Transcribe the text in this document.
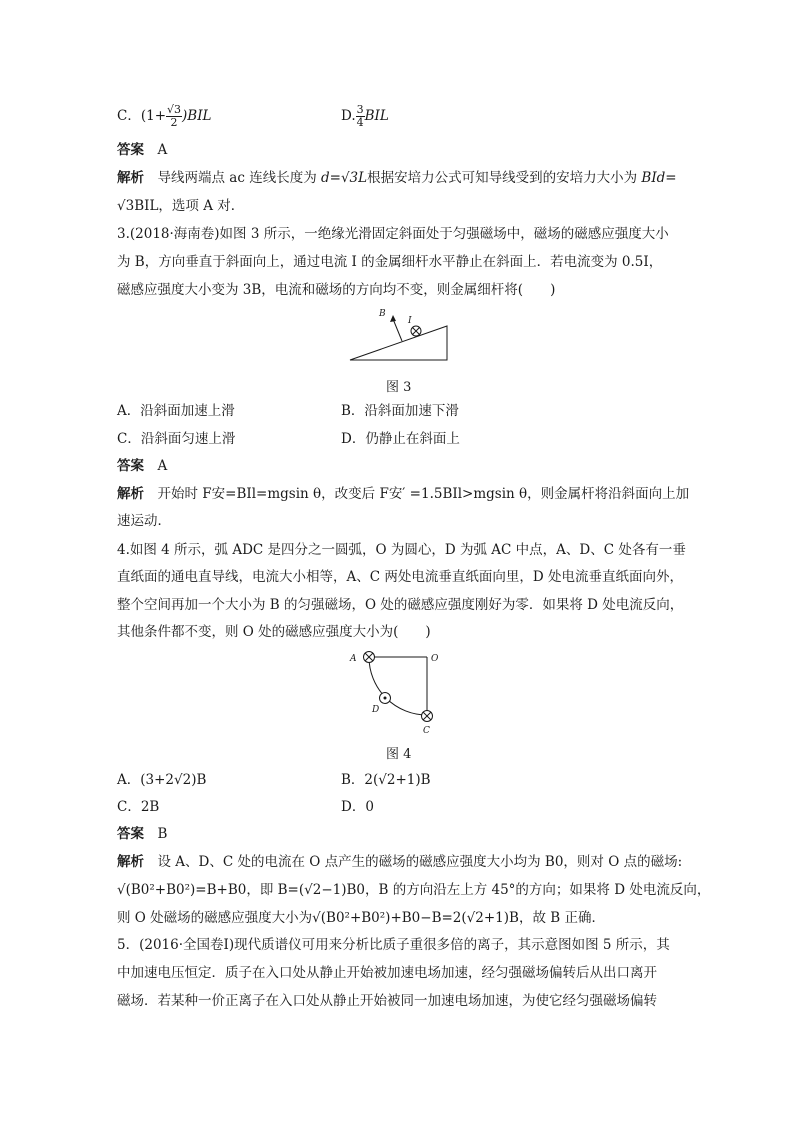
C．$(1+ \frac{√3}{2} )BIL$	D. $\frac{3}{4}$ BIL
答案　 A
解析　 导线两端点 ac 连线长度为 d=√3L根据安培力公式可知导线受到的安培力大小为 BId=
√3BIL，选项 A 对．
3.(2018·海南卷)如图 3 所示，一绝缘光滑固定斜面处于匀强磁场中，磁场的磁感应强度大小
为 B，方向垂直于斜面向上，通过电流 I 的金属细杆水平静止在斜面上．若电流变为 0.5I，
磁感应强度大小变为 3B，电流和磁场的方向均不变，则金属细杆将(　　)
B
I
图 3
A．沿斜面加速上滑	B．沿斜面加速下滑
C．沿斜面匀速上滑	D．仍静止在斜面上
答案　 A
解析　 开始时 F安=BIl=mgsin θ，改变后 F安′ =1.5BIl>mgsin θ，则金属杆将沿斜面向上加
速运动．
4.如图 4 所示，弧 ADC 是四分之一圆弧，O 为圆心，D 为弧 AC 中点，A、D、C 处各有一垂
直纸面的通电直导线，电流大小相等，A、C 两处电流垂直纸面向里，D 处电流垂直纸面向外，
整个空间再加一个大小为 B 的匀强磁场，O 处的磁感应强度刚好为零．如果将 D 处电流反向，
其他条件都不变，则 O 处的磁感应强度大小为(　　)
A	O
D
C
图 4
A．(3+2√2)B	B．2(√2+1)B
C．2B	D．0
答案　 B
解析　 设 A、D、C 处的电流在 O 点产生的磁场的磁感应强度大小均为 B0，则对 O 点的磁场:
√(B0²+B0²)=B+B0，即 B=(√2−1)B0，B 的方向沿左上方 45°的方向；如果将 D 处电流反向，
则 O 处磁场的磁感应强度大小为√(B0²+B0²)+B0−B=2(√2+1)B，故 B 正确．
5．(2016·全国卷Ⅰ)现代质谱仪可用来分析比质子重很多倍的离子，其示意图如图 5 所示，其
中加速电压恒定．质子在入口处从静止开始被加速电场加速，经匀强磁场偏转后从出口离开
磁场．若某种一价正离子在入口处从静止开始被同一加速电场加速，为使它经匀强磁场偏转
